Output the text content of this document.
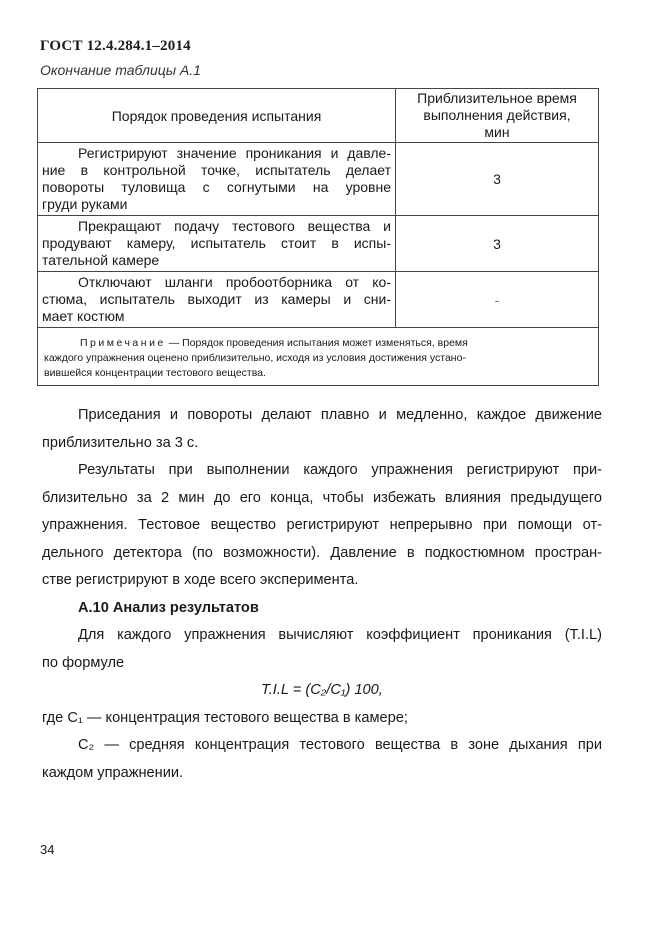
ГОСТ 12.4.284.1–2014
Окончание таблицы А.1
Порядок проведения испытания	Приблизительное время
выполнения действия,
мин

Регистрируют значение проникания и давле-
ние в контрольной точке, испытатель делает
повороты туловища с согнутыми на уровне
груди руками	3

Прекращают подачу тестового вещества и
продувают камеру, испытатель стоит в испы-
тательной камере	3

Отключают шланги пробоотборника от ко-
стюма, испытатель выходит из камеры и сни-
мает костюм	-

Примечание — Порядок проведения испытания может изменяться, время
каждого упражнения оценено приблизительно, исходя из условия достижения устано-
вившейся концентрации тестового вещества.	
Приседания и повороты делают плавно и медленно, каждое движение
приблизительно за 3 с.
Результаты при выполнении каждого упражнения регистрируют при-
близительно за 2 мин до его конца, чтобы избежать влияния предыдущего
упражнения. Тестовое вещество регистрируют непрерывно при помощи от-
дельного детектора (по возможности). Давление в подкостюмном простран-
стве регистрируют в ходе всего эксперимента.
А.10 Анализ результатов
Для каждого упражнения вычисляют коэффициент проникания (T.I.L)
по формуле
T.I.L = (C₂/C₁) 100,
где C₁ — концентрация тестового вещества в камере;
C₂ — средняя концентрация тестового вещества в зоне дыхания при
каждом упражнении.
34
